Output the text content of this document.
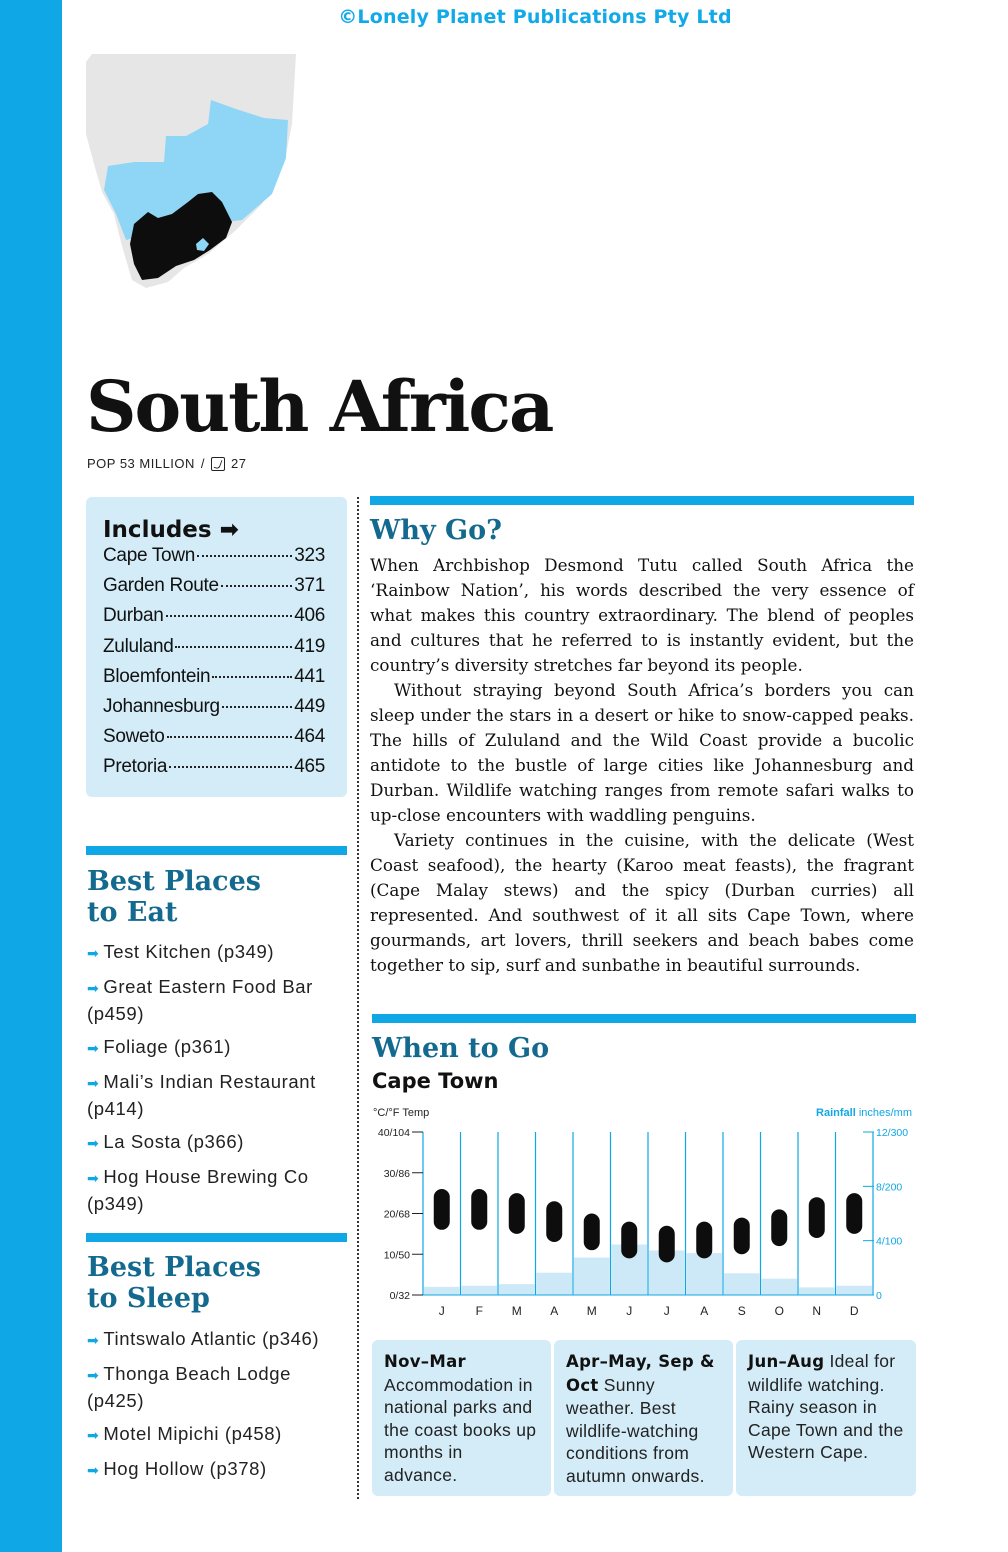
©Lonely Planet Publications Pty Ltd
South Africa
POP 53 MILLION / 27
Includes ➡
Cape Town	323
Garden Route	371
Durban	406
Zululand	419
Bloemfontein	441
Johannesburg	449
Soweto	464
Pretoria	465
Best Places
to Eat
➡ Test Kitchen (p349)
➡ Great Eastern Food Bar (p459)
➡ Foliage (p361)
➡ Mali’s Indian Restaurant (p414)
➡ La Sosta (p366)
➡ Hog House Brewing Co (p349)
Best Places
to Sleep
➡ Tintswalo Atlantic (p346)
➡ Thonga Beach Lodge (p425)
➡ Motel Mipichi (p458)
➡ Hog Hollow (p378)
Why Go?

When Archbishop Desmond Tutu called South Africa the ‘Rainbow Nation’, his words described the very essence of what makes this country extraordinary. The blend of peoples and cultures that he referred to is instantly evident, but the country’s diversity stretches far beyond its people.

Without straying beyond South Africa’s borders you can sleep under the stars in a desert or hike to snow-capped peaks. The hills of Zululand and the Wild Coast provide a bucolic antidote to the bustle of large cities like Johannesburg and Durban. Wildlife watching ranges from remote safari walks to up-close encounters with waddling penguins.

Variety continues in the cuisine, with the delicate (West Coast seafood), the hearty (Karoo meat feasts), the fragrant (Cape Malay stews) and the spicy (Durban curries) all represented. And southwest of it all sits Cape Town, where gourmands, art lovers, thrill seekers and beach babes come together to sip, surf and sunbathe in beautiful surrounds.

When to Go
Cape Town
°C/°F Temp	Rainfall inches/mm
40/104
30/86
20/68
10/50
0/32
12/300
8/200
4/100
0
J	F M A M J	J	A S O N D
Nov–Mar Accommodation in national parks and the coast books up months in advance.
Apr–May, Sep & Oct Sunny weather. Best wildlife-watching conditions from autumn onwards.
Jun–Aug Ideal for wildlife watching. Rainy season in Cape Town and the Western Cape.
